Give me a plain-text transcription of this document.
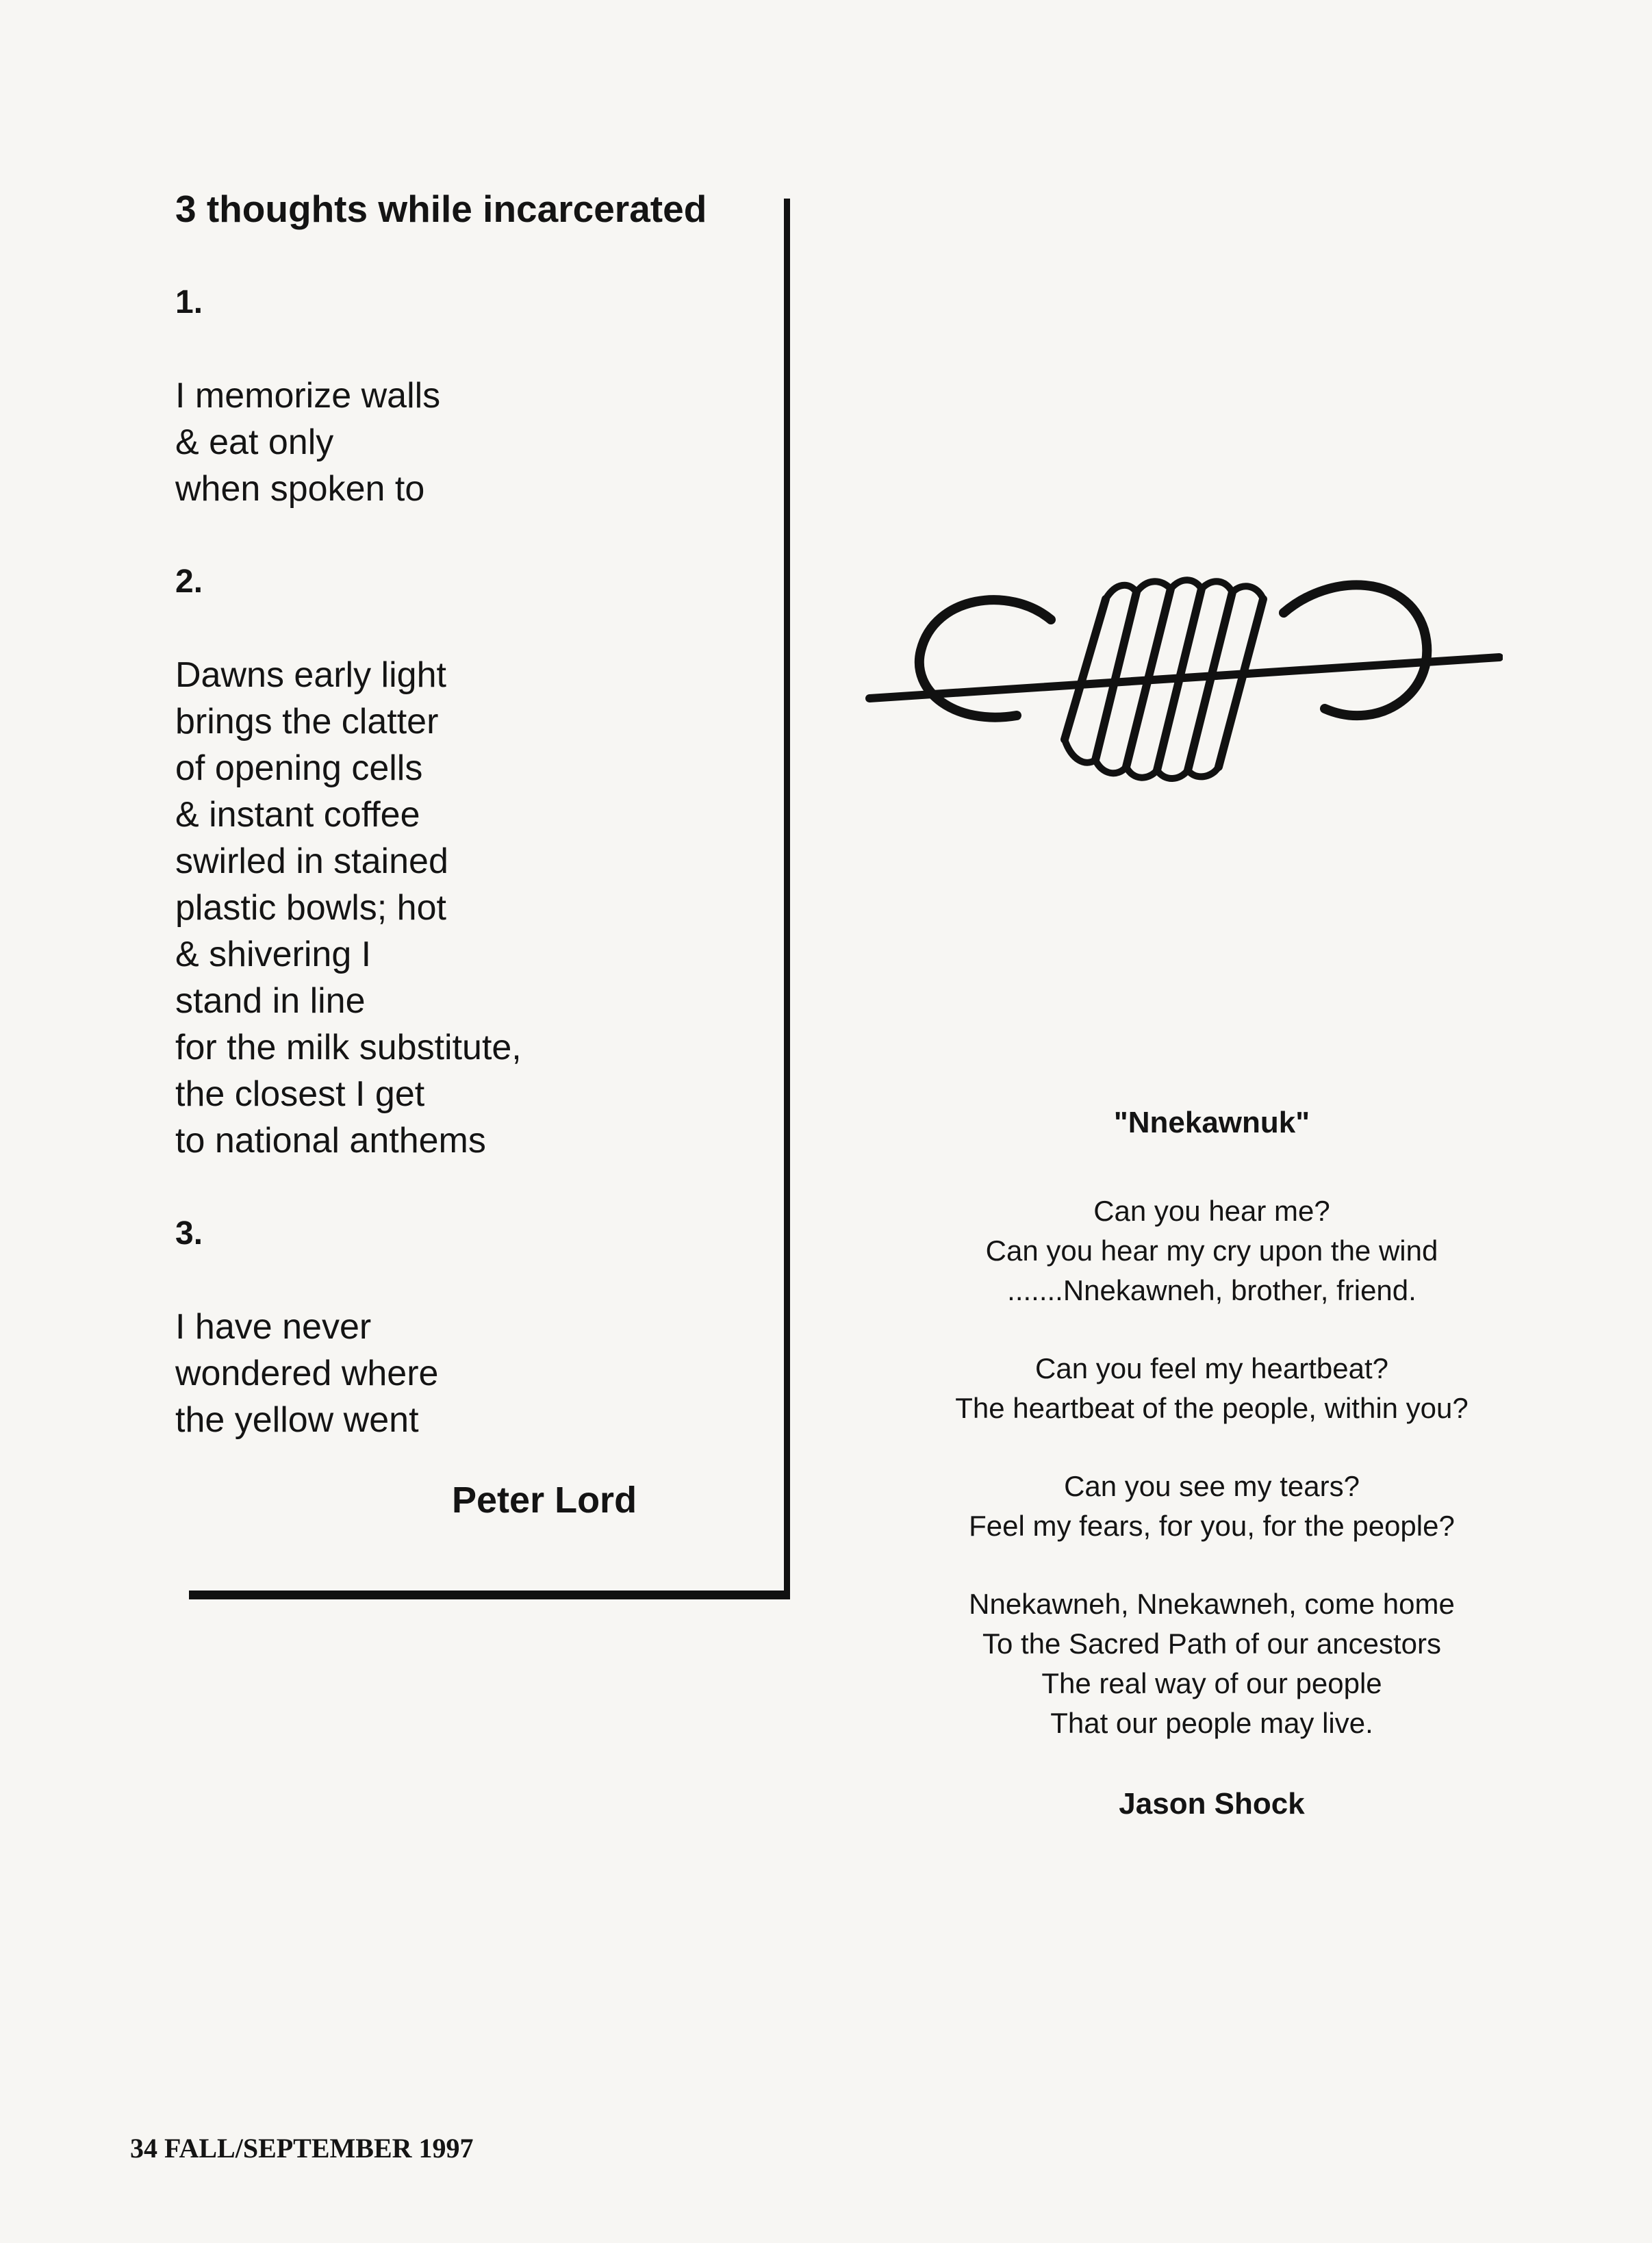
3 thoughts while incarcerated
1.
I memorize walls
& eat only
when spoken to
2.
Dawns early light
brings the clatter
of opening cells
& instant coffee
swirled in stained
plastic bowls; hot
& shivering I
stand in line
for the milk substitute,
the closest I get
to national anthems
3.
I have never
wondered where
the yellow went
Peter Lord
"Nnekawnuk"
Can you hear me?
Can you hear my cry upon the wind
.......Nnekawneh, brother, friend.
Can you feel my heartbeat?
The heartbeat of the people, within you?
Can you see my tears?
Feel my fears, for you, for the people?
Nnekawneh, Nnekawneh, come home
To the Sacred Path of our ancestors
The real way of our people
That our people may live.
Jason Shock
34 FALL/SEPTEMBER 1997
